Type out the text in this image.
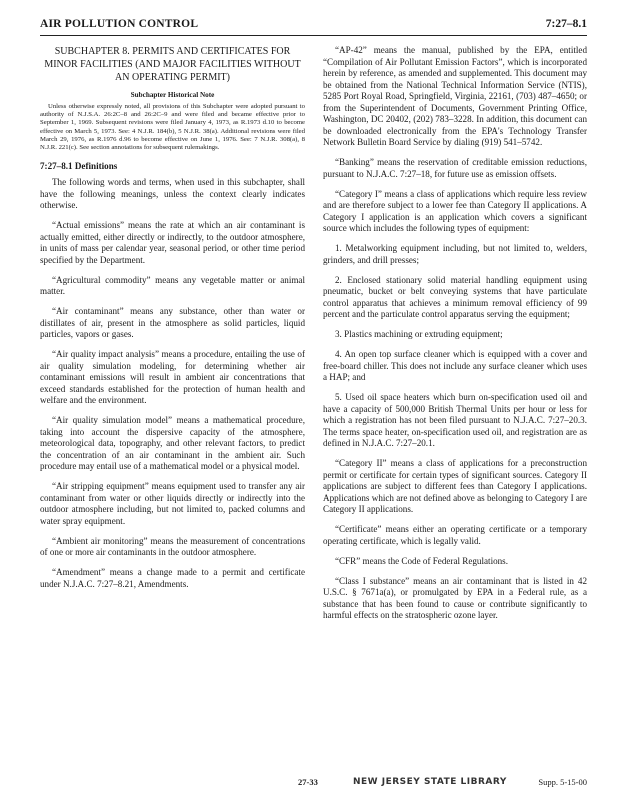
AIR POLLUTION CONTROL	7:27–8.1
SUBCHAPTER 8. PERMITS AND CERTIFICATES FOR MINOR FACILITIES (AND MAJOR FACILITIES WITHOUT AN OPERATING PERMIT)
Subchapter Historical Note
Unless otherwise expressly noted, all provisions of this Subchapter were adopted pursuant to authority of N.J.S.A. 26:2C–8 and 26:2C–9 and were filed and became effective prior to September 1, 1969. Subsequent revisions were filed January 4, 1973, as R.1973 d.10 to become effective on March 5, 1973. See: 4 N.J.R. 184(b), 5 N.J.R. 38(a). Additional revisions were filed March 29, 1976, as R.1976 d.96 to become effective on June 1, 1976. See: 7 N.J.R. 308(a), 8 N.J.R. 221(c). See section annotations for subsequent rulemakings.
7:27–8.1 Definitions

The following words and terms, when used in this subchapter, shall have the following meanings, unless the context clearly indicates otherwise.

“Actual emissions” means the rate at which an air contaminant is actually emitted, either directly or indirectly, to the outdoor atmosphere, in units of mass per calendar year, seasonal period, or other time period specified by the Department.

“Agricultural commodity” means any vegetable matter or animal matter.

“Air contaminant” means any substance, other than water or distillates of air, present in the atmosphere as solid particles, liquid particles, vapors or gases.

“Air quality impact analysis” means a procedure, entailing the use of air quality simulation modeling, for determining whether air contaminant emissions will result in ambient air concentrations that exceed standards established for the protection of human health and welfare and the environment.

“Air quality simulation model” means a mathematical procedure, taking into account the dispersive capacity of the atmosphere, meteorological data, topography, and other relevant factors, to predict the concentration of an air contaminant in the ambient air. Such procedure may entail use of a mathematical model or a physical model.

“Air stripping equipment” means equipment used to transfer any air contaminant from water or other liquids directly or indirectly into the outdoor atmosphere including, but not limited to, packed columns and water spray equipment.

“Ambient air monitoring” means the measurement of concentrations of one or more air contaminants in the outdoor atmosphere.

“Amendment” means a change made to a permit and certificate under N.J.A.C. 7:27–8.21, Amendments.

“AP-42” means the manual, published by the EPA, entitled “Compilation of Air Pollutant Emission Factors”, which is incorporated herein by reference, as amended and supplemented. This document may be obtained from the National Technical Information Service (NTIS), 5285 Port Royal Road, Springfield, Virginia, 22161, (703) 487–4650; or from the Superintendent of Documents, Government Printing Office, Washington, DC 20402, (202) 783–3228. In addition, this document can be downloaded electronically from the EPA's Technology Transfer Network Bulletin Board Service by dialing (919) 541–5742.

“Banking” means the reservation of creditable emission reductions, pursuant to N.J.A.C. 7:27–18, for future use as emission offsets.

“Category I” means a class of applications which require less review and are therefore subject to a lower fee than Category II applications. A Category I application is an application which covers a significant source which includes the following types of equipment:

1. Metalworking equipment including, but not limited to, welders, grinders, and drill presses;

2. Enclosed stationary solid material handling equipment using pneumatic, bucket or belt conveying systems that have particulate control apparatus that achieves a minimum removal efficiency of 99 percent and the particulate control apparatus serving the equipment;

3. Plastics machining or extruding equipment;

4. An open top surface cleaner which is equipped with a cover and free-board chiller. This does not include any surface cleaner which uses a HAP; and

5. Used oil space heaters which burn on-specification used oil and have a capacity of 500,000 British Thermal Units per hour or less for which a registration has not been filed pursuant to N.J.A.C. 7:27–20.3. The terms space heater, on-specification used oil, and registration are as defined in N.J.A.C. 7:27–20.1.

“Category II” means a class of applications for a preconstruction permit or certificate for certain types of significant sources. Category II applications are subject to different fees than Category I applications. Applications which are not defined above as belonging to Category I are Category II applications.

“Certificate” means either an operating certificate or a temporary operating certificate, which is legally valid.

“CFR” means the Code of Federal Regulations.

“Class I substance” means an air contaminant that is listed in 42 U.S.C. § 7671a(a), or promulgated by EPA in a Federal rule, as a substance that has been found to cause or contribute significantly to harmful effects on the stratospheric ozone layer.

27-33	NEW JERSEY STATE LIBRARY	Supp. 5-15-00
